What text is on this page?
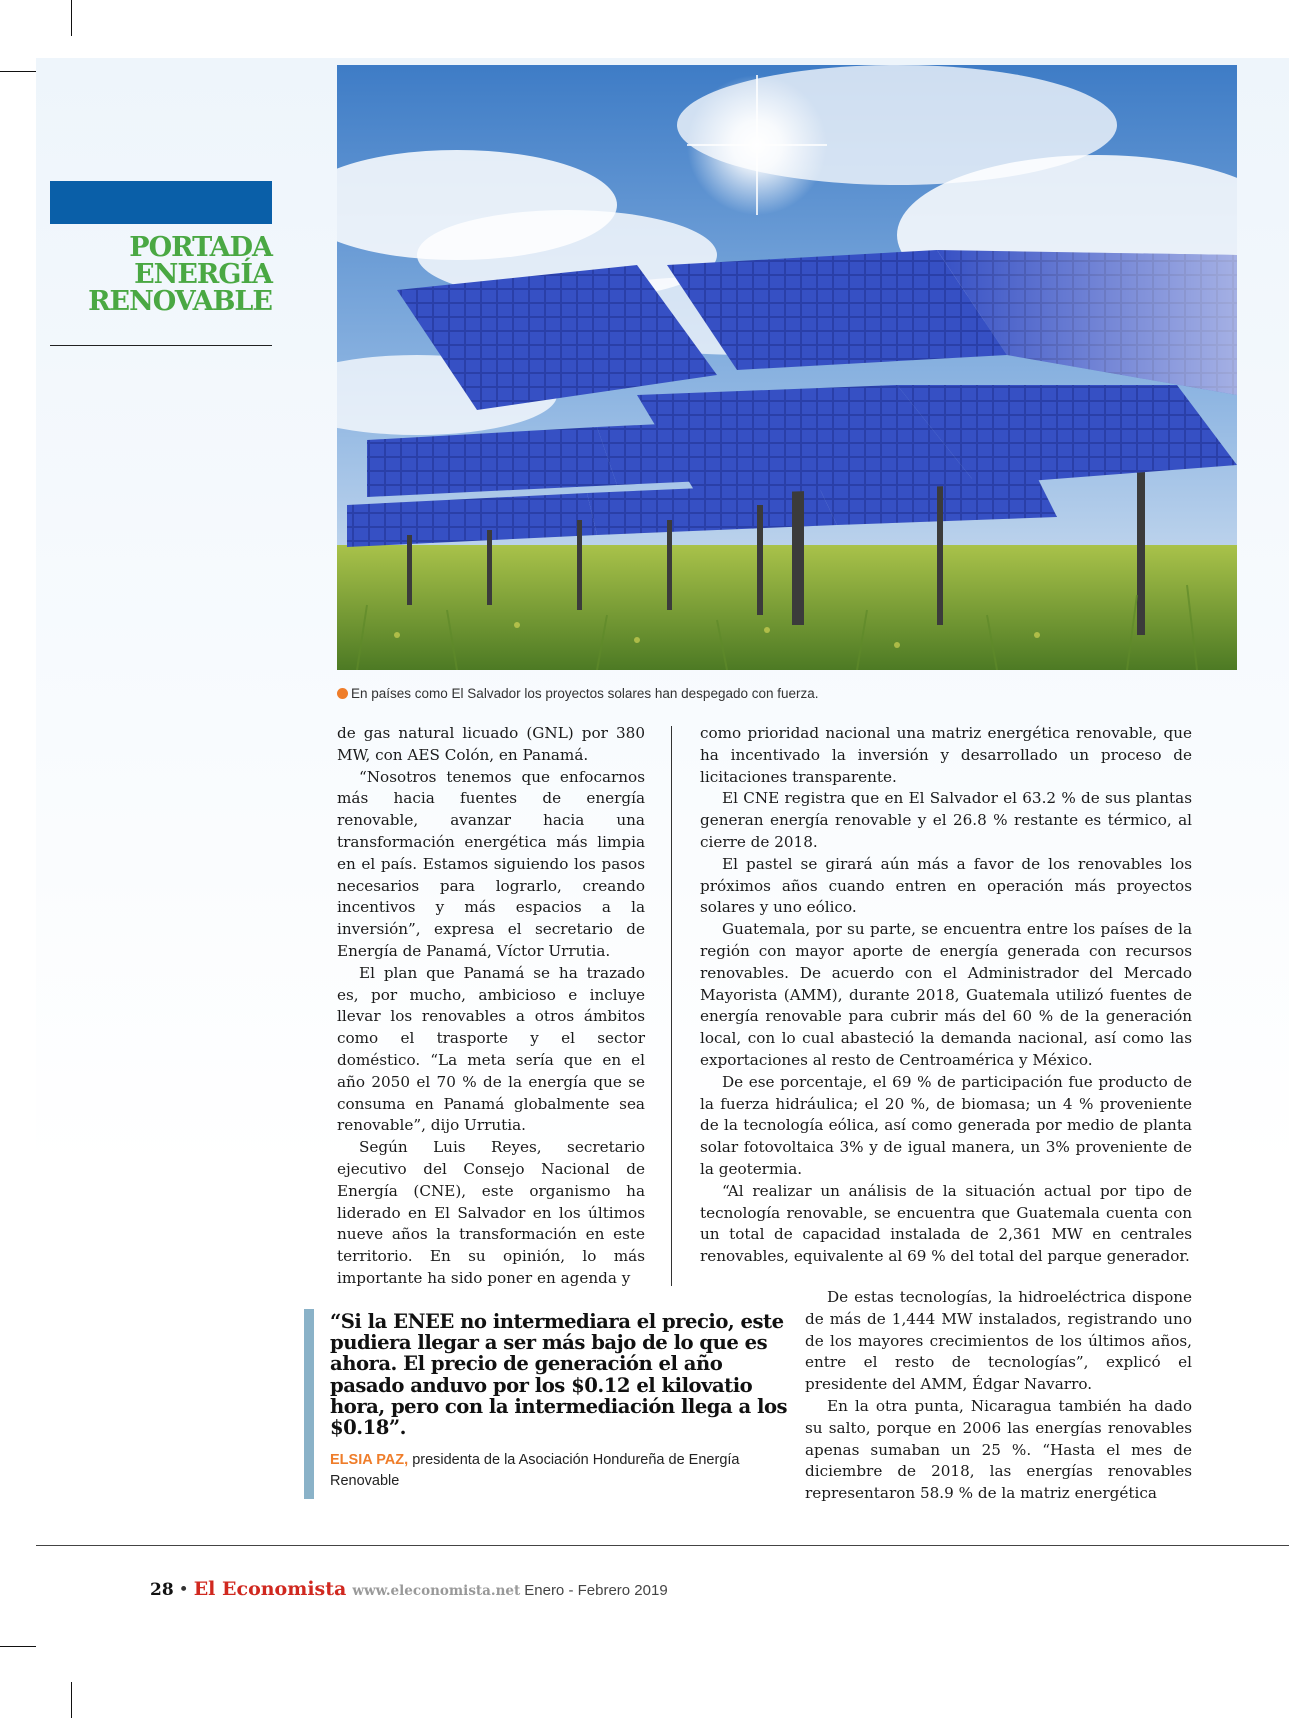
PORTADA
ENERGÍA
RENOVABLE
En países como El Salvador los proyectos solares han despegado con fuerza.

de gas natural licuado (GNL) por 380 MW, con AES Colón, en Panamá.

“Nosotros tenemos que enfocarnos más hacia fuentes de energía renovable, avanzar hacia una transformación energética más limpia en el país. Estamos siguiendo los pasos necesarios para lograrlo, creando incentivos y más espacios a la inversión”, expresa el secretario de Energía de Panamá, Víctor Urrutia.

El plan que Panamá se ha trazado es, por mucho, ambicioso e incluye llevar los renovables a otros ámbitos como el trasporte y el sector doméstico. “La meta sería que en el año 2050 el 70 % de la energía que se consuma en Panamá globalmente sea renovable”, dijo Urrutia.

Según Luis Reyes, secretario ejecutivo del Consejo Nacional de Energía (CNE), este organismo ha liderado en El Salvador en los últimos nueve años la transformación en este territorio. En su opinión, lo más importante ha sido poner en agenda y

como prioridad nacional una matriz energética renovable, que ha incentivado la inversión y desarrollado un proceso de licitaciones transparente.

El CNE registra que en El Salvador el 63.2 % de sus plantas generan energía renovable y el 26.8 % restante es térmico, al cierre de 2018.

El pastel se girará aún más a favor de los renovables los próximos años cuando entren en operación más proyectos solares y uno eólico.

Guatemala, por su parte, se encuentra entre los países de la región con mayor aporte de energía generada con recursos renovables. De acuerdo con el Administrador del Mercado Mayorista (AMM), durante 2018, Guatemala utilizó fuentes de energía renovable para cubrir más del 60 % de la generación local, con lo cual abasteció la demanda nacional, así como las exportaciones al resto de Centroamérica y México.

De ese porcentaje, el 69 % de participación fue producto de la fuerza hidráulica; el 20 %, de biomasa; un 4 % proveniente de la tecnología eólica, así como generada por medio de planta solar fotovoltaica 3% y de igual manera, un 3% proveniente de la geotermia.

“Al realizar un análisis de la situación actual por tipo de tecnología renovable, se encuentra que Guatemala cuenta con un total de capacidad instalada de 2,361 MW en centrales renovables, equivalente al 69 % del total del parque generador.

De estas tecnologías, la hidroeléctrica dispone de más de 1,444 MW instalados, registrando uno de los mayores crecimientos de los últimos años, entre el resto de tecnologías”, explicó el presidente del AMM, Édgar Navarro.

En la otra punta, Nicaragua también ha dado su salto, porque en 2006 las energías renovables apenas sumaban un 25 %. “Hasta el mes de diciembre de 2018, las energías renovables representaron 58.9 % de la matriz energética

“Si la ENEE no intermediara el precio, este pudiera llegar a ser más bajo de lo que es ahora. El precio de generación el año pasado anduvo por los $0.12 el kilovatio hora, pero con la intermediación llega a los $0.18”.
ELSIA PAZ, presidenta de la Asociación Hondureña de Energía Renovable
28 • El Economista www.eleconomista.net Enero - Febrero 2019
